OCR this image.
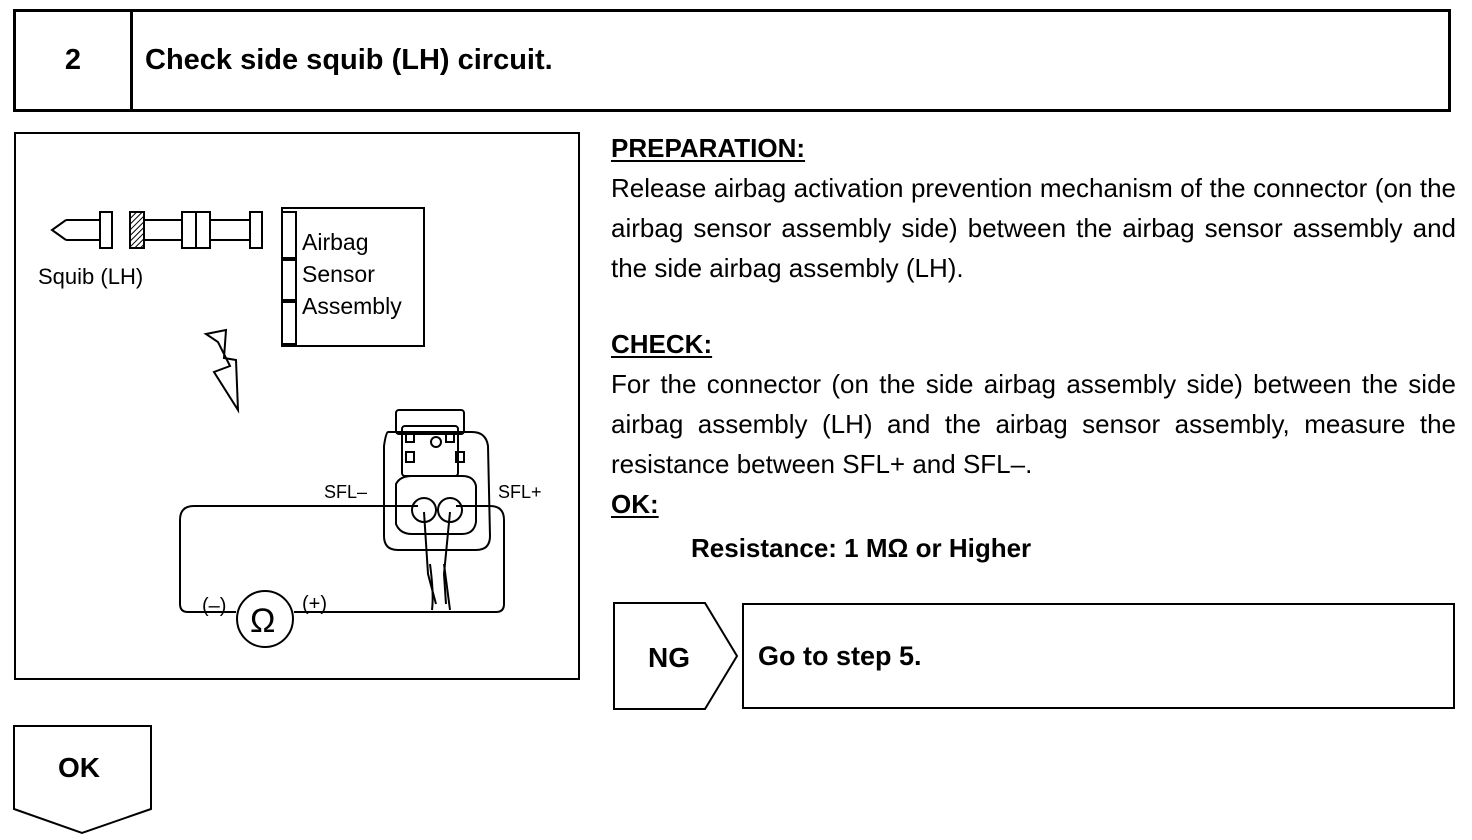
2	Check side squib (LH) circuit.
Squib (LH)
Airbag
Sensor
Assembly
SFL–	SFL+
(–)	(+)
Ω
PREPARATION:
Release airbag activation prevention mechanism of the connector (on the airbag sensor assembly side) between the airbag sensor assembly and the side airbag assembly (LH).
CHECK:
For the connector (on the side airbag assembly side) between the side airbag assembly (LH) and the airbag sensor assembly, measure the resistance between SFL+ and SFL–.
OK:
Resistance: 1 MΩ or Higher
NG	Go to step 5.
OK
